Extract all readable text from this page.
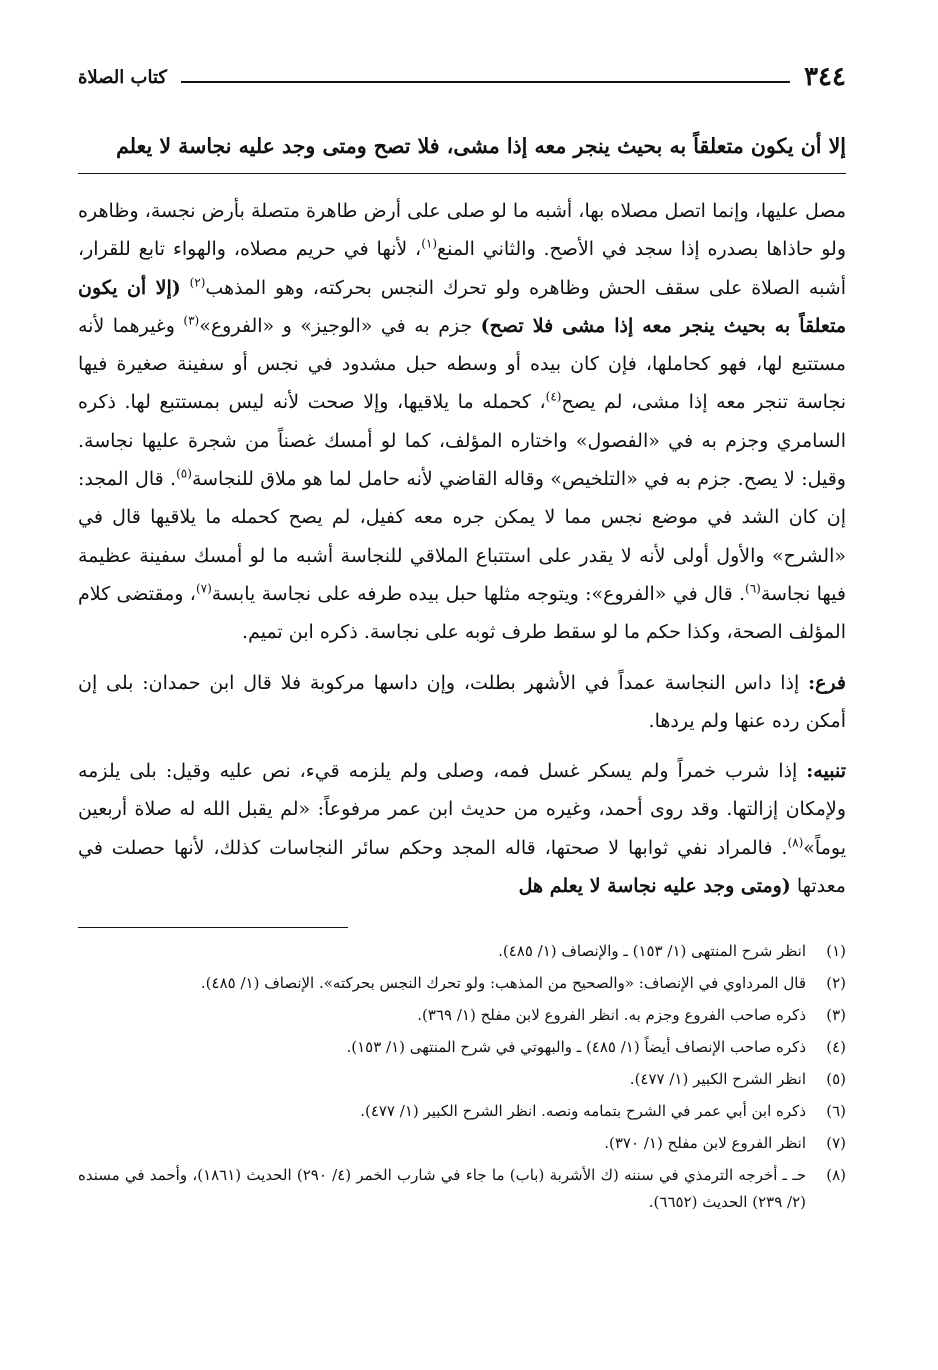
٣٤٤
كتاب الصلاة
إلا أن يكون متعلقاً به بحيث ينجر معه إذا مشى، فلا تصح ومتى وجد عليه نجاسة لا يعلم

مصل عليها، وإنما اتصل مصلاه بها، أشبه ما لو صلى على أرض طاهرة متصلة بأرض نجسة، وظاهره ولو حاذاها بصدره إذا سجد في الأصح. والثاني المنع$^{(١)}$، لأنها في حريم مصلاه، والهواء تابع للقرار، أشبه الصلاة على سقف الحش وظاهره ولو تحرك النجس بحركته، وهو المذهب$^{(٢)}$ (إلا أن يكون متعلقاً به بحيث ينجر معه إذا مشى فلا تصح) جزم به في «الوجيز» و «الفروع»$^{(٣)}$ وغيرهما لأنه مستتبع لها، فهو كحاملها، فإن كان بيده أو وسطه حبل مشدود في نجس أو سفينة صغيرة فيها نجاسة تنجر معه إذا مشى، لم يصح$^{(٤)}$، كحمله ما يلاقيها، وإلا صحت لأنه ليس بمستتبع لها. ذكره السامري وجزم به في «الفصول» واختاره المؤلف، كما لو أمسك غصناً من شجرة عليها نجاسة. وقيل: لا يصح. جزم به في «التلخيص» وقاله القاضي لأنه حامل لما هو ملاق للنجاسة$^{(٥)}$. قال المجد: إن كان الشد في موضع نجس مما لا يمكن جره معه كفيل، لم يصح كحمله ما يلاقيها قال في «الشرح» والأول أولى لأنه لا يقدر على استتباع الملاقي للنجاسة أشبه ما لو أمسك سفينة عظيمة فيها نجاسة$^{(٦)}$. قال في «الفروع»: ويتوجه مثلها حبل بيده طرفه على نجاسة يابسة$^{(٧)}$، ومقتضى كلام المؤلف الصحة، وكذا حكم ما لو سقط طرف ثوبه على نجاسة. ذكره ابن تميم.

فرع: إذا داس النجاسة عمداً في الأشهر بطلت، وإن داسها مركوبة فلا قال ابن حمدان: بلى إن أمكن رده عنها ولم يردها.

تنبيه: إذا شرب خمراً ولم يسكر غسل فمه، وصلى ولم يلزمه قيء، نص عليه وقيل: بلى يلزمه ولإمكان إزالتها. وقد روى أحمد، وغيره من حديث ابن عمر مرفوعاً: «لم يقبل الله له صلاة أربعين يوماً»$^{(٨)}$. فالمراد نفي ثوابها لا صحتها، قاله المجد وحكم سائر النجاسات كذلك، لأنها حصلت في معدتها (ومتى وجد عليه نجاسة لا يعلم هل

(١)
انظر شرح المنتهى (١/ ١٥٣) ـ والإنصاف (١/ ٤٨٥).
(٢)
قال المرداوي في الإنصاف: «والصحيح من المذهب: ولو تحرك النجس بحركته». الإنصاف (١/ ٤٨٥).
(٣)
ذكره صاحب الفروع وجزم به. انظر الفروع لابن مفلح (١/ ٣٦٩).
(٤)
ذكره صاحب الإنصاف أيضاً (١/ ٤٨٥) ـ والبهوتي في شرح المنتهى (١/ ١٥٣).
(٥)
انظر الشرح الكبير (١/ ٤٧٧).
(٦)
ذكره ابن أبي عمر في الشرح بتمامه ونصه. انظر الشرح الكبير (١/ ٤٧٧).
(٧)
انظر الفروع لابن مفلح (١/ ٣٧٠).
(٨)
حـ ـ أخرجه الترمذي في سننه (ك الأشربة (باب) ما جاء في شارب الخمر (٤/ ٢٩٠) الحديث (١٨٦١)، وأحمد في مسنده (٢/ ٢٣٩) الحديث (٦٦٥٢).
